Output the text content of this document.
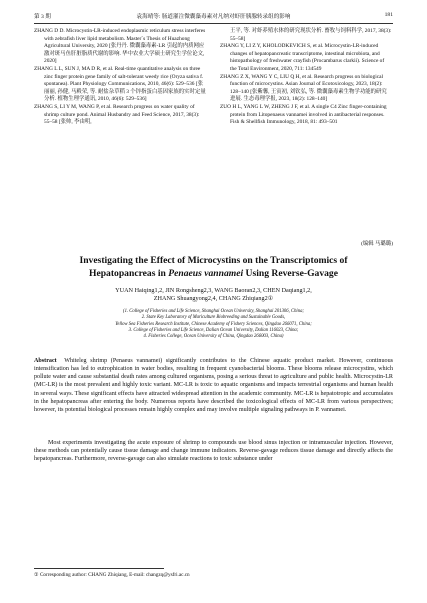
第 3 期	袁海晴等: 肠道灌注微囊藻毒素对凡纳对虾肝胰腺转录组的影响	181

ZHANG D D. Microcystin-LR-induced endoplasmic reticulum stress interferes with zebrafish liver lipid metabolism. Master`s Thesis of Huazhong Agricultural University, 2020 [张丹丹. 微囊藻毒素-LR 引起的内质网应激对斑马鱼肝脏脂质代谢的影响. 华中农业大学硕士研究生学位论文, 2020]

ZHANG L L, SUN J, MA D R, et al. Real-time quantitative analysis on three zinc finger protein gene family of salt-tolerant weedy rice (Oryza sativa f. spontanea). Plant Physiology Communications, 2010, 46(6): 529–536 [张丽丽, 孙健, 马殿荣, 等. 耐盐杂草稻 3 个锌指蛋白基因家族的实时定量分析. 植物生理学通讯, 2010, 46(6): 529–536]

ZHANG S, LI Y M, WANG P, et al. Research progress on water quality of shrimp culture pond. Animal Husbandry and Feed Science, 2017, 38(3): 55–58 [张帅, 李由明,

王平, 等. 对虾养殖水体的研究现状分析. 畜牧与饲料科学, 2017, 38(3): 55–58]

ZHANG Y, LI Z Y, KHOLODKEVICH S, et al. Microcystin-LR-induced changes of hepatopancreatic transcriptome, intestinal microbiota, and histopathology of freshwater crayfish (Procambarus clarkii). Science of the Total Environment, 2020, 711: 134549

ZHANG Z X, WANG Y C, LIU Q H, et al. Research progress on biological function of microcystins. Asian Journal of Ecotoxicology, 2023, 18(2): 128–140 [张紫馨, 王寅初, 刘钦弘, 等. 微囊藻毒素生物学功能的研究进展. 生态毒理学报, 2023, 18(2): 128–140]

ZUO H L, YANG L W, ZHENG J F, et al. A single C4 Zinc finger-containing protein from Litopenaeus vannamei involved in antibacterial responses. Fish & Shellfish Immunology, 2018, 81: 493–501

(编辑 马璐璐)
Investigating the Effect of Microcystins on the Transcriptomics of
Hepatopancreas in Penaeus vannamei Using Reverse-Gavage
YUAN Haiqing1,2, JIN Rongsheng2,3, WANG Baoran2,3, CHEN Daqiang1,2,
ZHANG Shuangyong2,4, CHANG Zhiqiang2①
(1. College of Fisheries and Life Science, Shanghai Ocean University, Shanghai 201306, China;
2. State Key Laboratory of Mariculture Biobreeding and Sustainable Goods,
Yellow Sea Fisheries Research Institute, Chinese Academy of Fishery Sciences, Qingdao 266071, China;
3. College of Fisheries and Life Science, Dalian Ocean University, Dalian 116023, China;
4. Fisheries College, Ocean University of China, Qingdao 266003, China)
Abstract Whiteleg shrimp (Penaeus vannamei) significantly contributes to the Chinese aquatic product market. However, continuous intensification has led to eutrophication in water bodies, resulting in frequent cyanobacterial blooms. These blooms release microcystins, which pollute water and cause substantial death rates among cultured organisms, posing a serious threat to agriculture and public health. Microcystin-LR (MC-LR) is the most prevalent and highly toxic variant. MC-LR is toxic to aquatic organisms and impacts terrestrial organisms and human health in several ways. These significant effects have attracted widespread attention in the academic community. MC-LR is hepatotropic and accumulates in the hepatopancreas after entering the body. Numerous reports have described the toxicological effects of MC-LR from various perspectives; however, its potential biological processes remain highly complex and may involve multiple signaling pathways in P. vannamei.
Most experiments investigating the acute exposure of shrimp to compounds use blood sinus injection or intramuscular injection. However, these methods can potentially cause tissue damage and change immune indicators. Reverse-gavage reduces tissue damage and directly affects the hepatopancreas. Furthermore, reverse-gavage can also simulate reactions to toxic substance under
① Corresponding author: CHANG Zhiqiang, E-mail: changzq@ysfri.ac.cn
